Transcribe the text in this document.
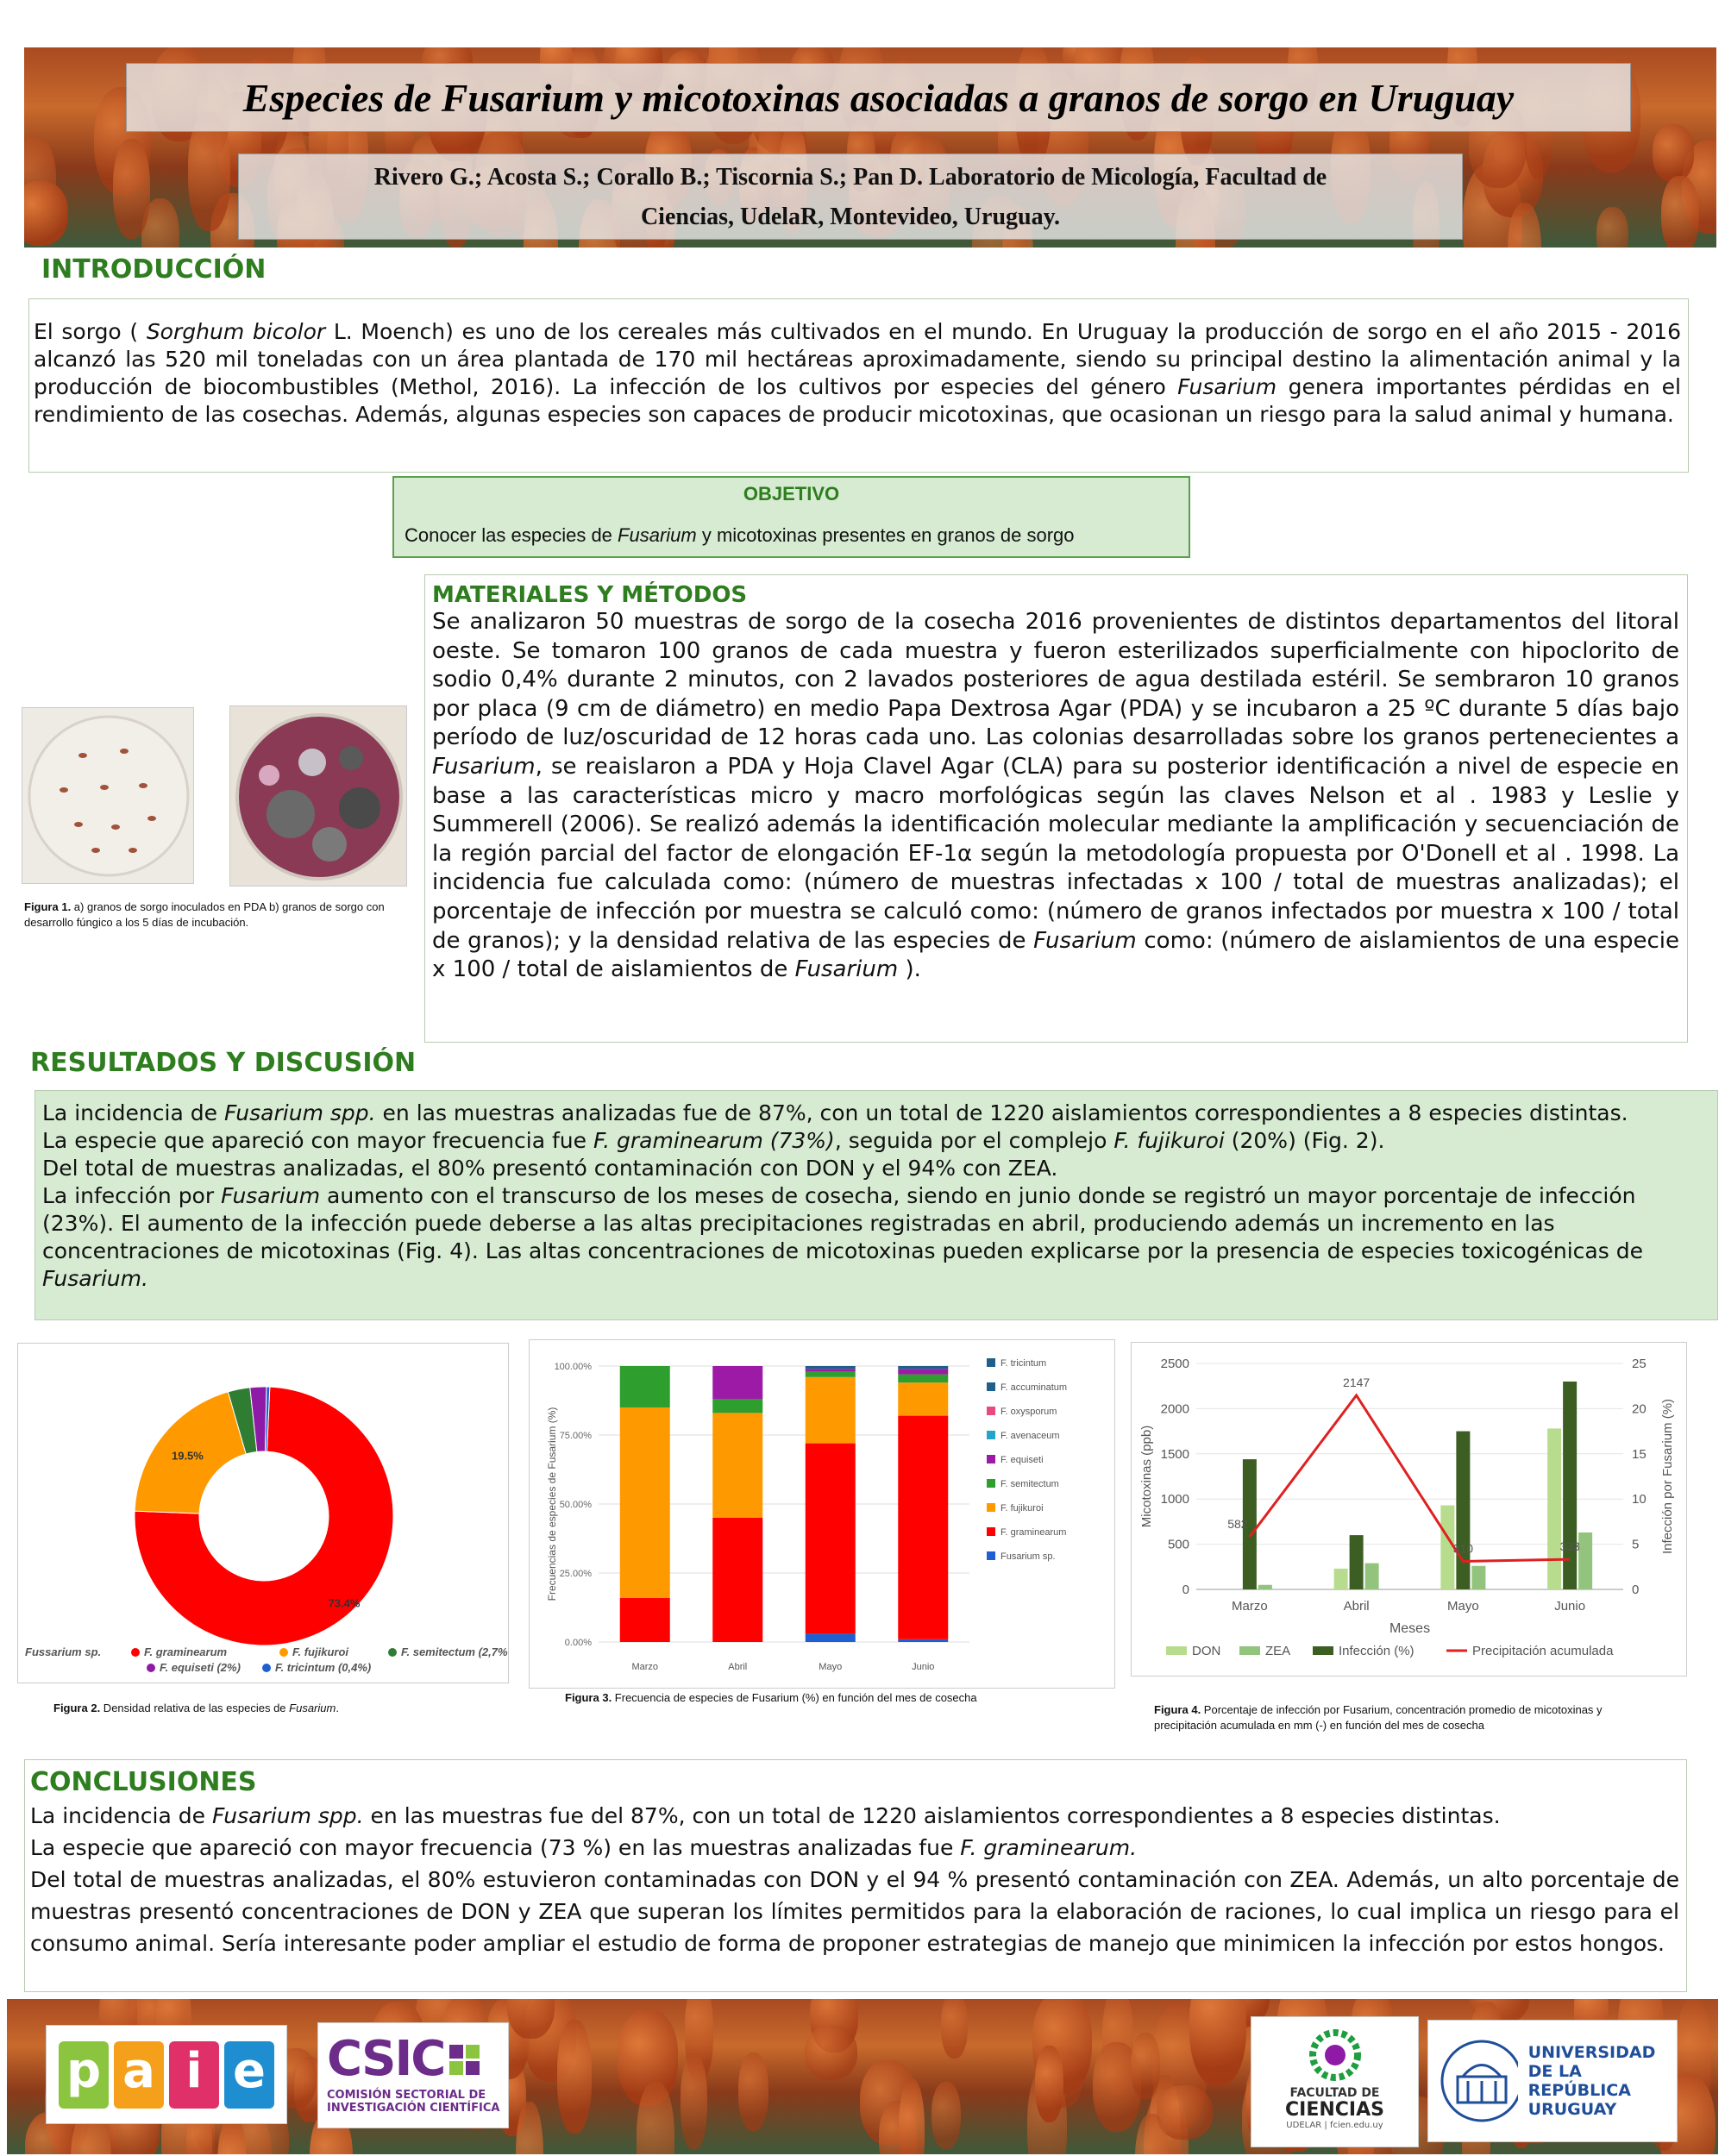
Especies de Fusarium y micotoxinas asociadas a granos de sorgo en Uruguay
Rivero G.; Acosta S.; Corallo B.; Tiscornia S.; Pan D. Laboratorio de Micología, Facultad de
Ciencias, UdelaR, Montevideo, Uruguay.
INTRODUCCIÓN
El sorgo ( Sorghum bicolor L. Moench) es uno de los cereales más cultivados en el mundo. En Uruguay la producción de sorgo en el año 2015 - 2016 alcanzó las 520 mil toneladas con un área plantada de 170 mil hectáreas aproximadamente, siendo su principal destino la alimentación animal y la producción de biocombustibles (Methol, 2016). La infección de los cultivos por especies del género Fusarium genera importantes pérdidas en el rendimiento de las cosechas. Además, algunas especies son capaces de producir micotoxinas, que ocasionan un riesgo para la salud animal y humana.
OBJETIVO
Conocer las especies de Fusarium y micotoxinas presentes en granos de sorgo
MATERIALES Y MÉTODOS
Se analizaron 50 muestras de sorgo de la cosecha 2016 provenientes de distintos departamentos del litoral oeste. Se tomaron 100 granos de cada muestra y fueron esterilizados superficialmente con hipoclorito de sodio 0,4% durante 2 minutos, con 2 lavados posteriores de agua destilada estéril. Se sembraron 10 granos por placa (9 cm de diámetro) en medio Papa Dextrosa Agar (PDA) y se incubaron a 25 ºC durante 5 días bajo período de luz/oscuridad de 12 horas cada uno. Las colonias desarrolladas sobre los granos pertenecientes a Fusarium, se reaislaron a PDA y Hoja Clavel Agar (CLA) para su posterior identificación a nivel de especie en base a las características micro y macro morfológicas según las claves Nelson et al . 1983 y Leslie y Summerell (2006). Se realizó además la identificación molecular mediante la amplificación y secuenciación de la región parcial del factor de elongación EF-1α según la metodología propuesta por O'Donell et al . 1998. La incidencia fue calculada como: (número de muestras infectadas x 100 / total de muestras analizadas); el porcentaje de infección por muestra se calculó como: (número de granos infectados por muestra x 100 / total de granos); y la densidad relativa de las especies de Fusarium como: (número de aislamientos de una especie x 100 / total de aislamientos de Fusarium ).
Figura 1. a) granos de sorgo inoculados en PDA b) granos de sorgo con desarrollo fúngico a los 5 días de incubación.
RESULTADOS Y DISCUSIÓN
La incidencia de Fusarium spp. en las muestras analizadas fue de 87%, con un total de 1220 aislamientos correspondientes a 8 especies distintas.
La especie que apareció con mayor frecuencia fue F. graminearum (73%), seguida por el complejo F. fujikuroi (20%) (Fig. 2).
Del total de muestras analizadas, el 80% presentó contaminación con DON y el 94% con ZEA.
La infección por Fusarium aumento con el transcurso de los meses de cosecha, siendo en junio donde se registró un mayor porcentaje de infección (23%). El aumento de la infección puede deberse a las altas precipitaciones registradas en abril, produciendo además un incremento en las concentraciones de micotoxinas (Fig. 4). Las altas concentraciones de micotoxinas pueden explicarse por la presencia de especies toxicogénicas de Fusarium.
73.4%
19.5%
Fussarium sp.	F. graminearum	F. fujikuroi	F. semitectum (2,7%
F. equiseti (2%)	F. tricintum (0,4%)
Figura 2. Densidad relativa de las especies de Fusarium.
0.00%
25.00%
50.00%
75.00%
100.00%
Frecuencias de especies de Fusarium (%)
Marzo	Abril	Mayo	Junio
F. tricintum
F. accuminatum
F. oxysporum
F. avenaceum
F. equiseti
F. semitectum
F. fujikuroi
F. graminearum
Fusarium sp.
Figura 3. Frecuencia de especies de Fusarium (%) en función del mes de cosecha
0
500
1000
1500
2000
2500
0
5
10
15
20
25
Micotoxinas (ppb)	Infección por Fusarium (%)
Marzo	Abril	Mayo	Junio
582
2147
310	333
Meses
DON	ZEA	Infección (%)	Precipitación acumulada
Figura 4. Porcentaje de infección por Fusarium, concentración promedio de micotoxinas y precipitación acumulada en mm (-) en función del mes de cosecha
CONCLUSIONES
La incidencia de Fusarium spp. en las muestras fue del 87%, con un total de 1220 aislamientos correspondientes a 8 especies distintas.
La especie que apareció con mayor frecuencia (73 %) en las muestras analizadas fue F. graminearum.
Del total de muestras analizadas, el 80% estuvieron contaminadas con DON y el 94 % presentó contaminación con ZEA. Además, un alto porcentaje de muestras presentó concentraciones de DON y ZEA que superan los límites permitidos para la elaboración de raciones, lo cual implica un riesgo para el consumo animal. Sería interesante poder ampliar el estudio de forma de proponer estrategias de manejo que minimicen la infección por estos hongos.
p a i e CSIC
COMISIÓN SECTORIAL DE
INVESTIGACIÓN CIENTÍFICA
FACULTAD DE
CIENCIAS
UDELAR | fcien.edu.uy
UNIVERSIDAD
DE LA REPÚBLICA
URUGUAY
